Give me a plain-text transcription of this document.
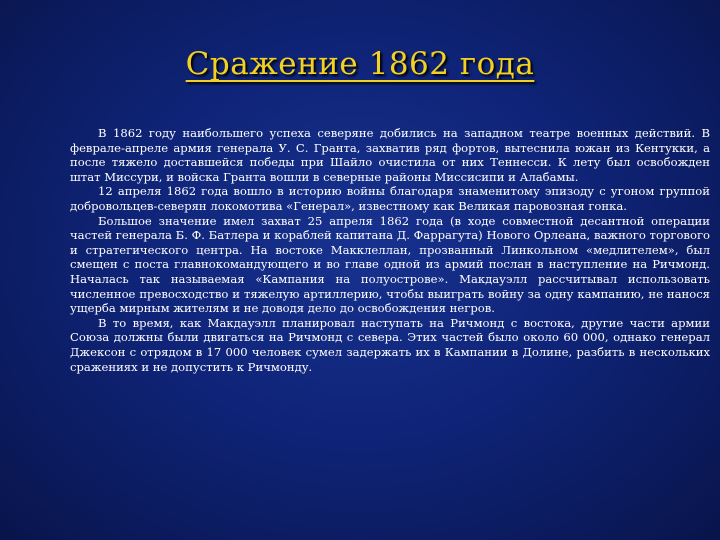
Сражение 1862 года

В 1862 году наибольшего успеха северяне добились на западном театре военных действий. В феврале-апреле армия генерала У. С. Гранта, захватив ряд фортов, вытеснила южан из Кентукки, а после тяжело доставшейся победы при Шайло очистила от них Теннесси. К лету был освобожден штат Миссури, и войска Гранта вошли в северные районы Миссисипи и Алабамы.

12 апреля 1862 года вошло в историю войны благодаря знаменитому эпизоду с угоном группой добровольцев-северян локомотива «Генерал», известному как Великая паровозная гонка.

Большое значение имел захват 25 апреля 1862 года (в ходе совместной десантной операции частей генерала Б. Ф. Батлера и кораблей капитана Д. Фаррагута) Нового Орлеана, важного торгового и стратегического центра. На востоке Макклеллан, прозванный Линкольном «медлителем», был смещен с поста главнокомандующего и во главе одной из армий послан в наступление на Ричмонд. Началась так называемая «Кампания на полуострове». Макдауэлл рассчитывал использовать численное превосходство и тяжелую артиллерию, чтобы выиграть войну за одну кампанию, не нанося ущерба мирным жителям и не доводя дело до освобождения негров.

В то время, как Макдауэлл планировал наступать на Ричмонд с востока, другие части армии Союза должны были двигаться на Ричмонд с севера. Этих частей было около 60 000, однако генерал Джексон с отрядом в 17 000 человек сумел задержать их в Кампании в Долине, разбить в нескольких сражениях и не допустить к Ричмонду.
